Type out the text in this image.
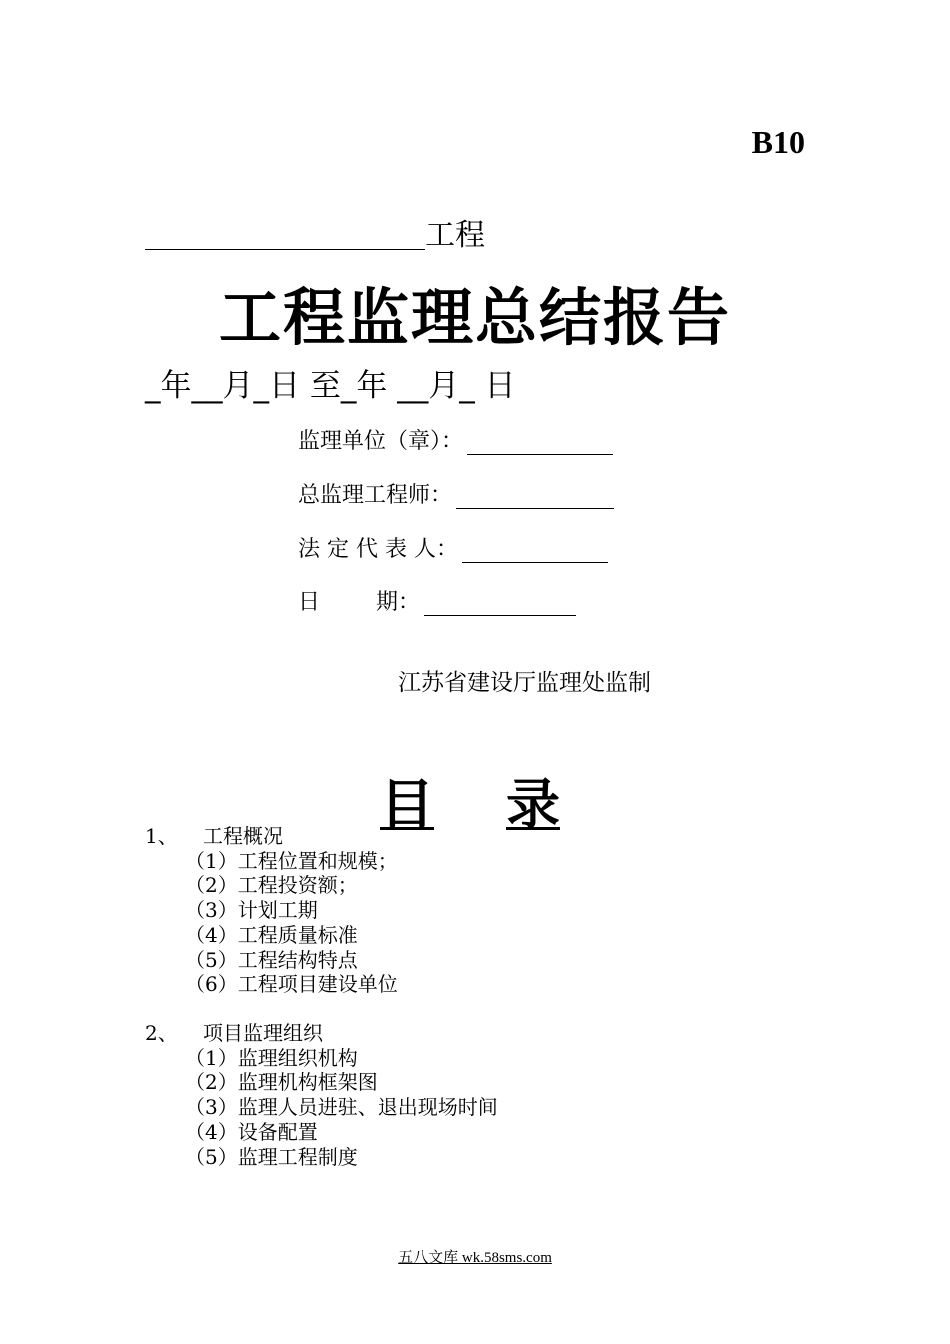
B10
工程
工程监理总结报告
_年__月_日 至_年 __月_ 日
监理单位（章）：
总监理工程师：
法 定 代 表 人：
日        期：
江苏省建设厅监理处监制
目 录
1、 工程概况
（1）工程位置和规模；
（2）工程投资额；
（3）计划工期
（4）工程质量标准
（5）工程结构特点
（6）工程项目建设单位
2、 项目监理组织
（1）监理组织机构
（2）监理机构框架图
（3）监理人员进驻、退出现场时间
（4）设备配置
（5）监理工程制度
五八文库 wk.58sms.com
